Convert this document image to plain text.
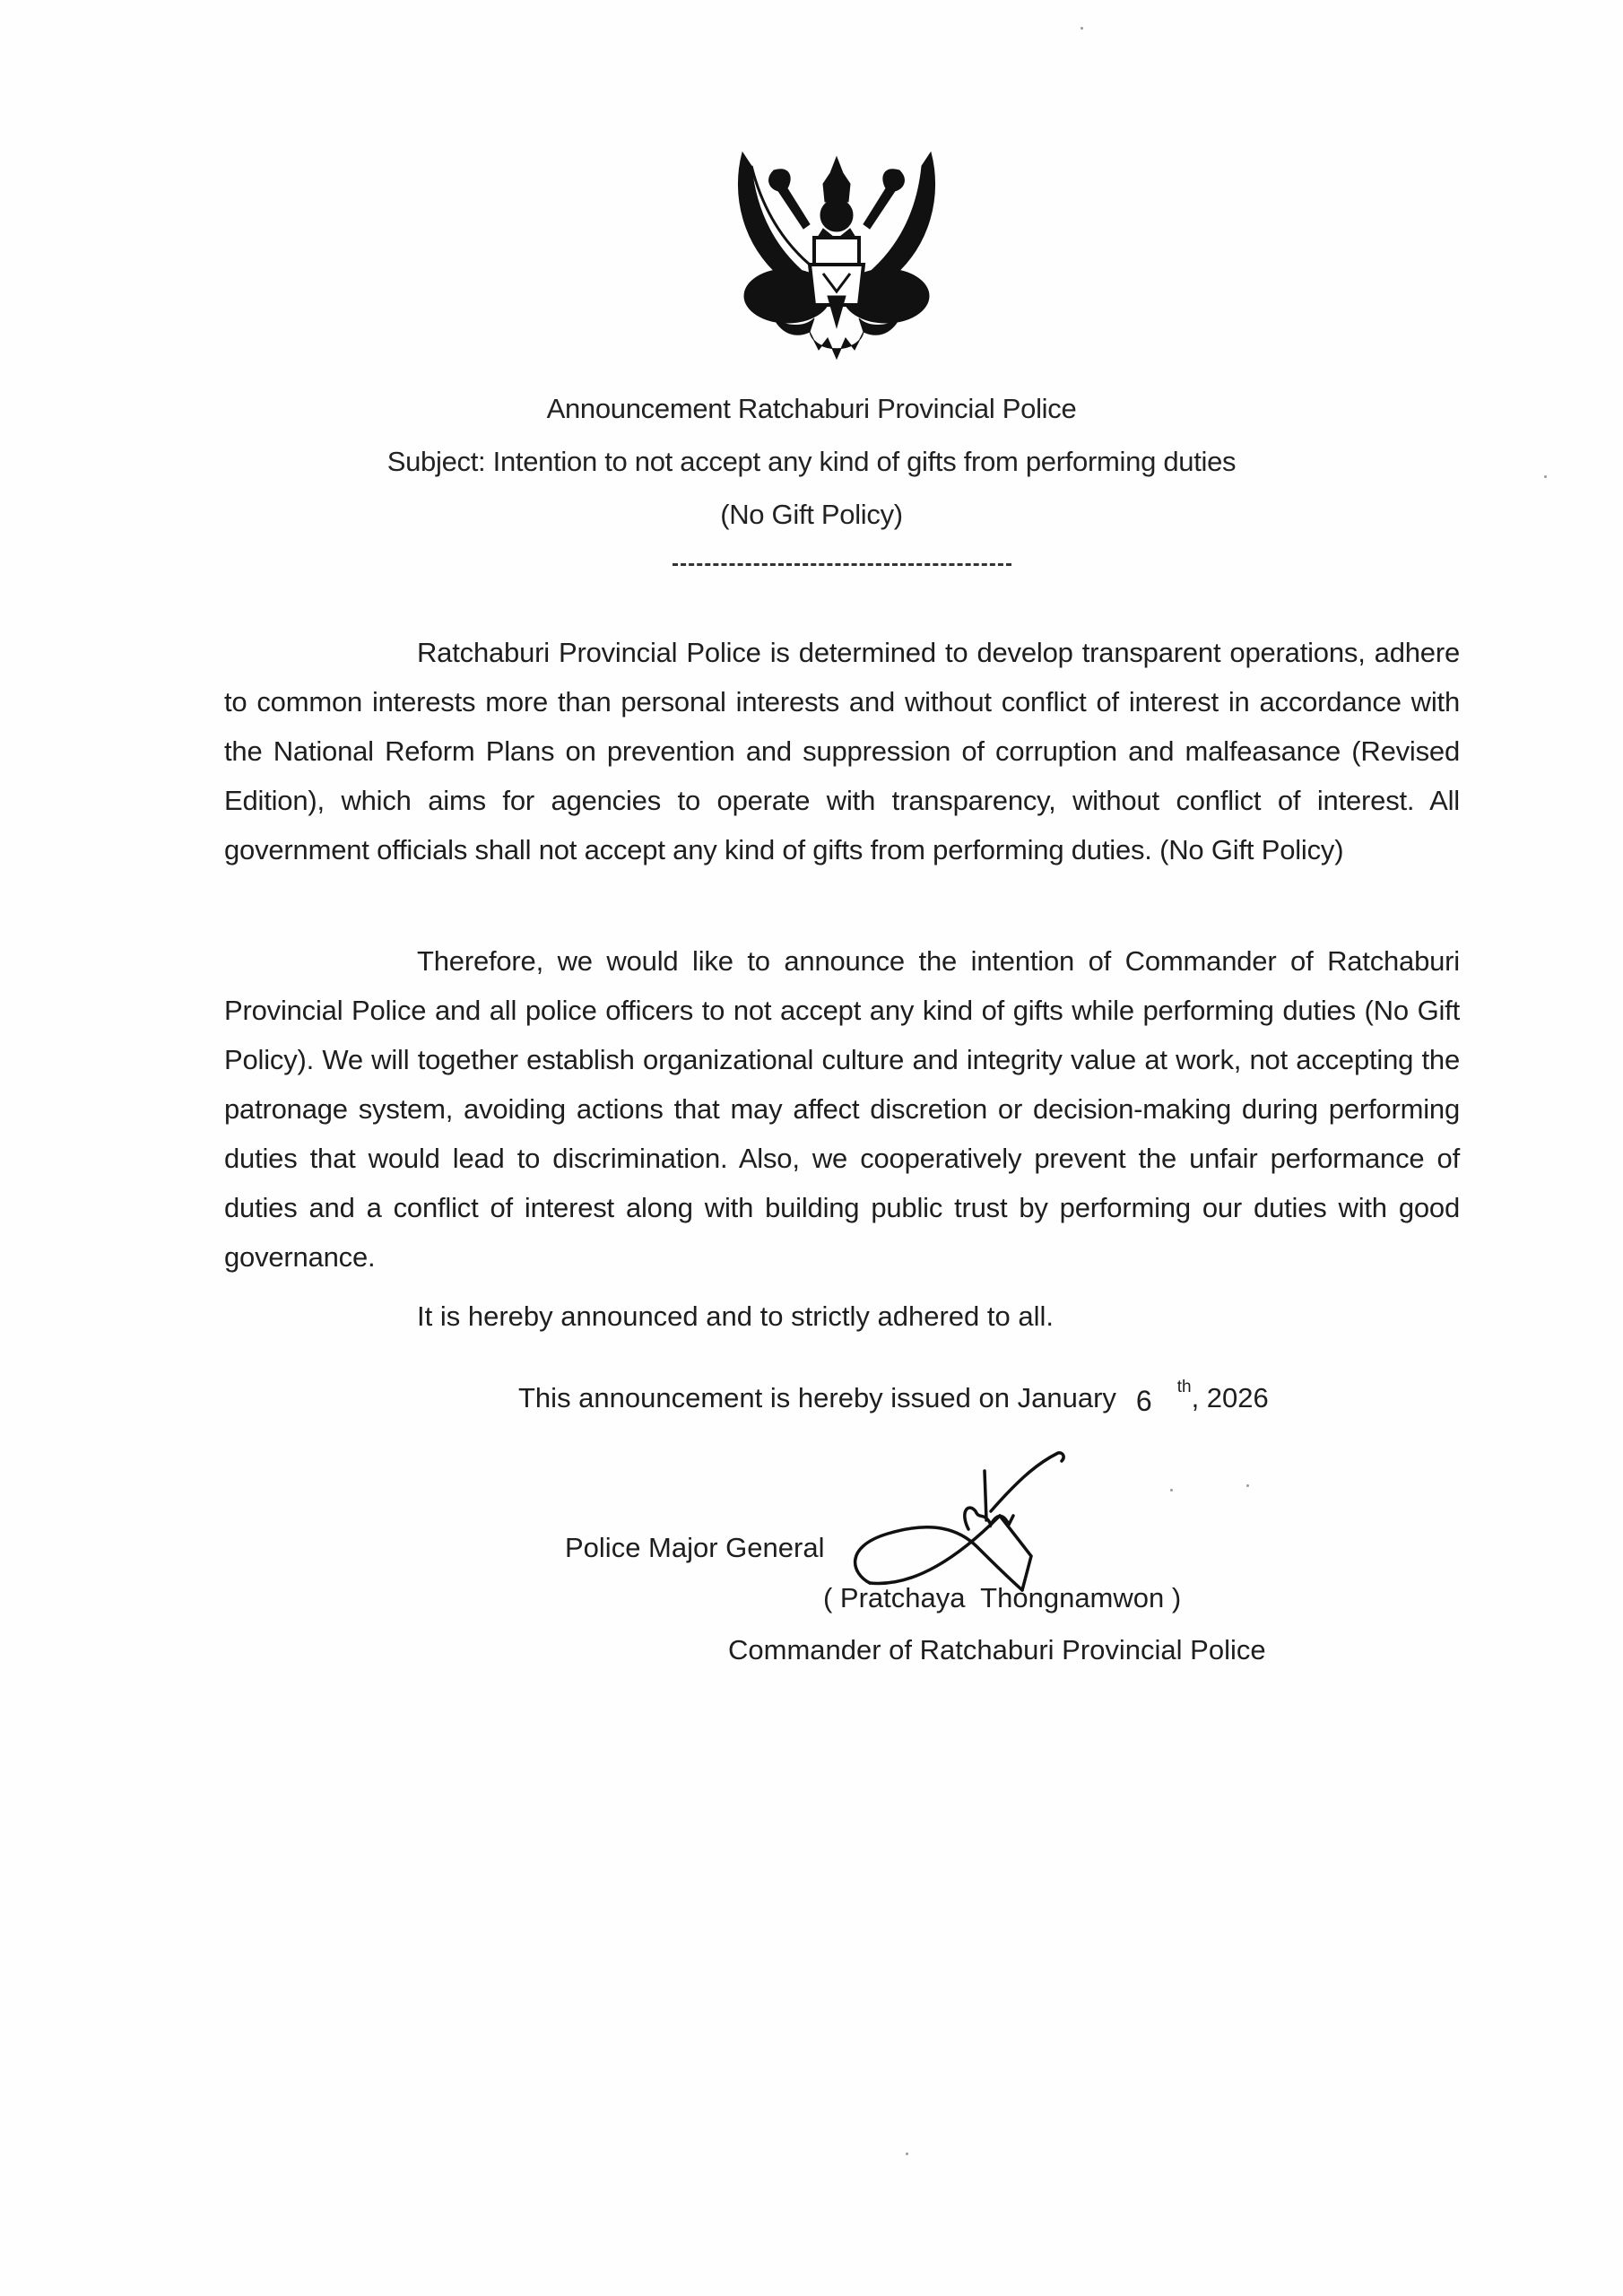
Announcement Ratchaburi Provincial Police
Subject: Intention to not accept any kind of gifts from performing duties
(No Gift Policy)

Ratchaburi Provincial Police is determined to develop transparent operations, adhere to common interests more than personal interests and without conflict of interest in accordance with the National Reform Plans on prevention and suppression of corruption and malfeasance (Revised Edition), which aims for agencies to operate with transparency, without conflict of interest. All government officials shall not accept any kind of gifts from performing duties. (No Gift Policy)

Therefore, we would like to announce the intention of Commander of Ratchaburi Provincial Police and all police officers to not accept any kind of gifts while performing duties (No Gift Policy). We will together establish organizational culture and integrity value at work, not accepting the patronage system, avoiding actions that may affect discretion or decision-making during performing duties that would lead to discrimination. Also, we cooperatively prevent the unfair performance of duties and a conflict of interest along with building public trust by performing our duties with good governance.

It is hereby announced and to strictly adhered to all.
This announcement is hereby issued on January 6 $^{th}$, 2026
Police Major General
( Pratchaya  Thongnamwon )
Commander of Ratchaburi Provincial Police
